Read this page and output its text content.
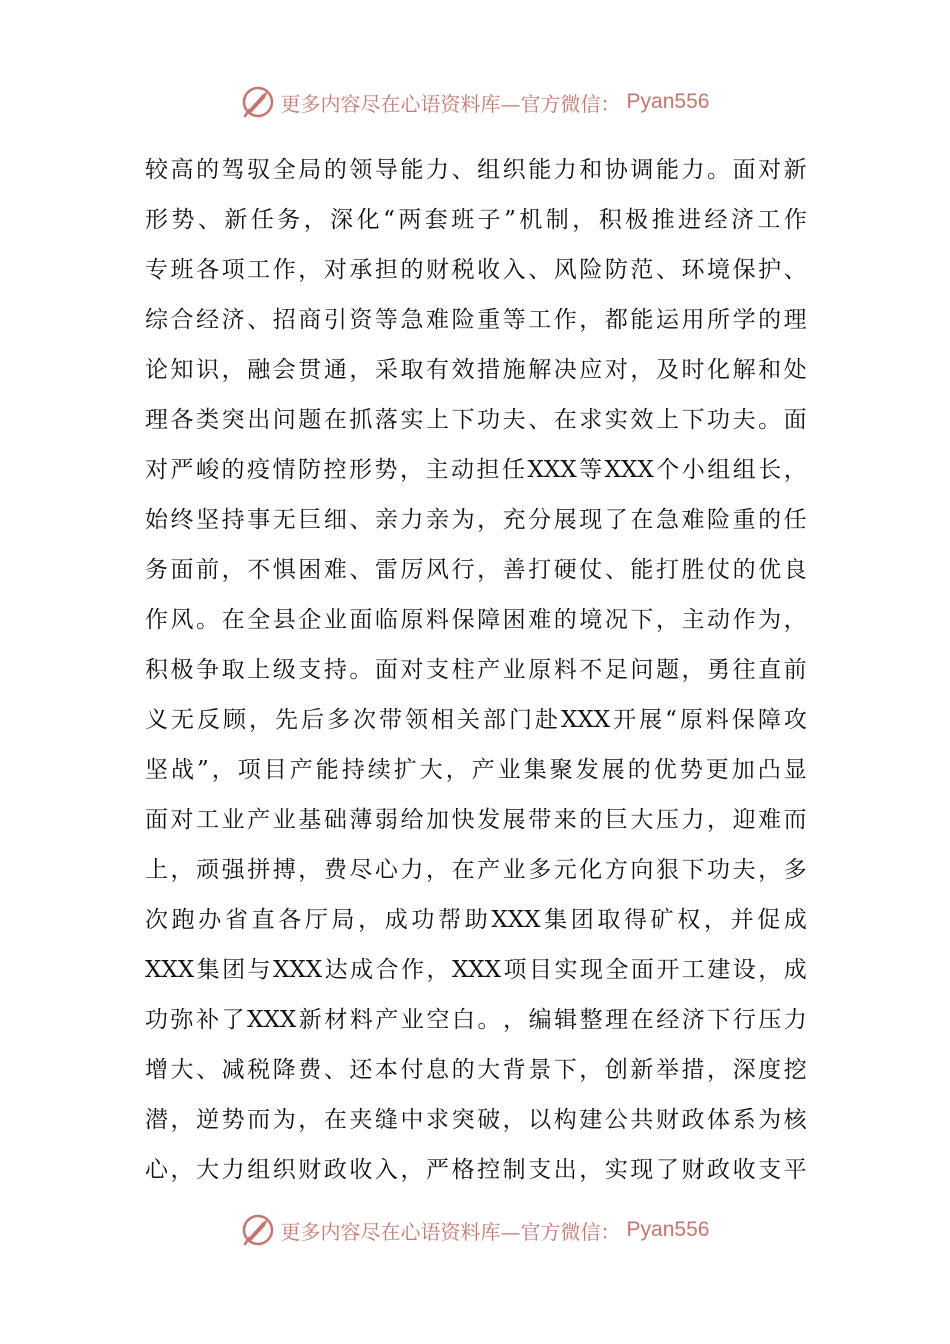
更多内容尽在心语资料库—官方微信： Pyan556
较 高 的 驾 驭 全 局 的 领 导 能 力 、 组 织 能 力 和 协 调 能 力 。 面 对 新
形 势 、 新 任 务 ， 深 化 “ 两 套 班 子 ” 机 制 ， 积 极 推 进 经 济 工 作
专 班 各 项 工 作 ， 对 承 担 的 财 税 收 入 、 风 险 防 范 、 环 境 保 护 、
综 合 经 济 、 招 商 引 资 等 急 难 险 重 等 工 作 ， 都 能 运 用 所 学 的 理
论 知 识 ， 融 会 贯 通 ， 采 取 有 效 措 施 解 决 应 对 ， 及 时 化 解 和 处
理 各 类 突 出 问 题 在 抓 落 实 上 下 功 夫 、 在 求 实 效 上 下 功 夫 。 面
对 严 峻 的 疫 情 防 控 形 势 ， 主 动 担 任 XXX 等 XXX 个 小 组 组 长 ，
始 终 坚 持 事 无 巨 细 、 亲 力 亲 为 ， 充 分 展 现 了 在 急 难 险 重 的 任
务 面 前 ， 不 惧 困 难 、 雷 厉 风 行 ， 善 打 硬 仗 、 能 打 胜 仗 的 优 良
作 风 。 在 全 县 企 业 面 临 原 料 保 障 困 难 的 境 况 下 ， 主 动 作 为 ，
积 极 争 取 上 级 支 持 。 面 对 支 柱 产 业 原 料 不 足 问 题 ， 勇 往 直 前
义 无 反 顾 ， 先 后 多 次 带 领 相 关 部 门 赴 XXX 开 展 “ 原 料 保 障 攻
坚 战 ” ， 项 目 产 能 持 续 扩 大 ， 产 业 集 聚 发 展 的 优 势 更 加 凸 显
面 对 工 业 产 业 基 础 薄 弱 给 加 快 发 展 带 来 的 巨 大 压 力 ， 迎 难 而
上 ， 顽 强 拼 搏 ， 费 尽 心 力 ， 在 产 业 多 元 化 方 向 狠 下 功 夫 ， 多
次 跑 办 省 直 各 厅 局 ， 成 功 帮 助 XXX 集 团 取 得 矿 权 ， 并 促 成
XXX 集 团 与 XXX 达 成 合 作 ， XXX 项 目 实 现 全 面 开 工 建 设 ， 成
功 弥 补 了 XXX 新 材 料 产 业 空 白 。 ， 编 辑 整 理 在 经 济 下 行 压 力
增 大 、 减 税 降 费 、 还 本 付 息 的 大 背 景 下 ， 创 新 举 措 ， 深 度 挖
潜 ， 逆 势 而 为 ， 在 夹 缝 中 求 突 破 ， 以 构 建 公 共 财 政 体 系 为 核
心 ， 大 力 组 织 财 政 收 入 ， 严 格 控 制 支 出 ， 实 现 了 财 政 收 支 平
更多内容尽在心语资料库—官方微信： Pyan556
